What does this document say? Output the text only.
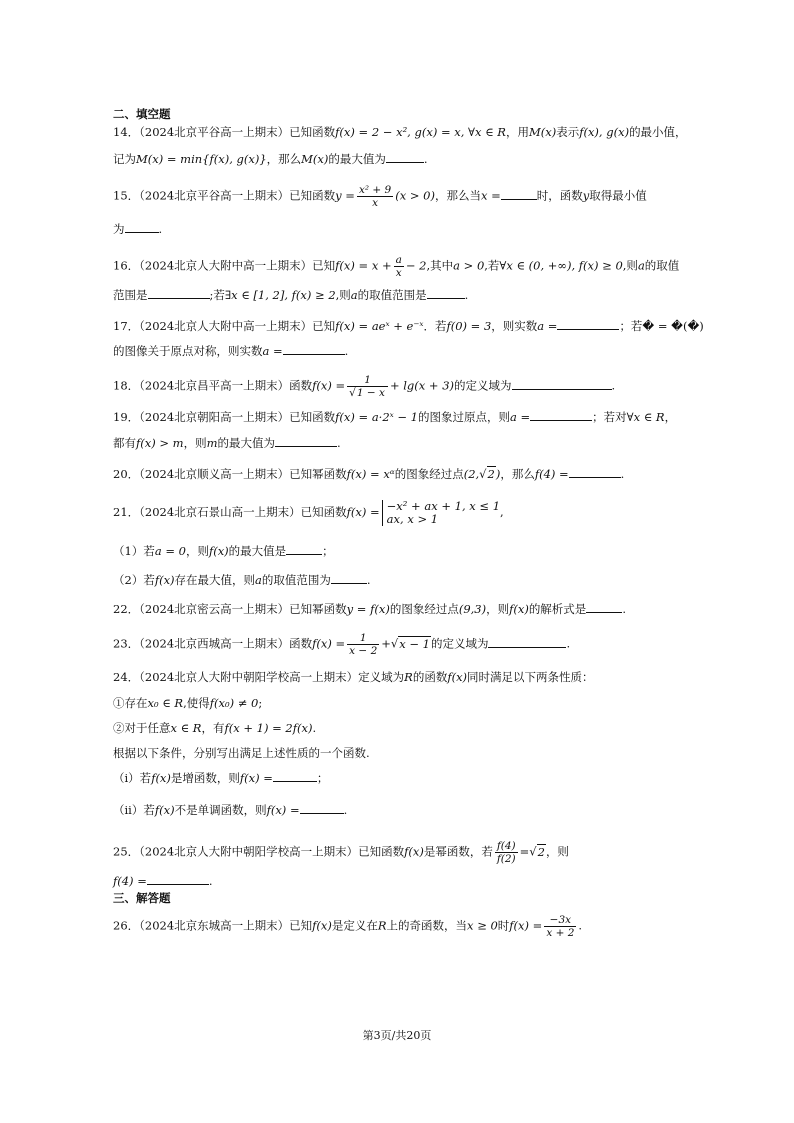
二、填空题
14．（2024北京平谷高一上期末）已知函数f(x) = 2 − x², g(x) = x, ∀x ∈ R，用M(x)表示f(x), g(x)的最小值，
记为M(x) = min{f(x), g(x)}，那么M(x)的最大值为	.
15．（2024北京平谷高一上期末）已知函数$y = \frac{\text{x² + 9}}{x} (x > 0)$，那么当x =	时，函数y取得最小值
为	.
16．（2024北京人大附中高一上期末）已知$f(x) = x + \frac{a}{x} - 2$,其中a > 0,若∀x ∈ (0, +∞), f(x) ≥ 0,则a的取值
范围是	;若∃x ∈ [1, 2], f(x) ≥ 2,则a的取值范围是	.
17．（2024北京人大附中高一上期末）已知f(x) = aeˣ + e⁻ˣ．若f(0) = 3，则实数a =	；若� = �(�)
的图像关于原点对称，则实数a =	.
18．（2024北京昌平高一上期末）函数$f(x) = \frac{1}{√1 - x} + \lg(x + 3)$的定义域为	.
19．（2024北京朝阳高一上期末）已知函数f(x) = a·2ˣ − 1的图象过原点，则a =	；若对∀x ∈ R，
都有f(x) > m，则m的最大值为	.
20．（2024北京顺义高一上期末）已知幂函数f(x) = xᵅ的图象经过点(2,√2)，那么f(4) =	.
21．（2024北京石景山高一上期末）已知函数f(x) = −x² + ax + 1, x ≤ 1
ax, x > 1	,
（1）若a = 0，则f(x)的最大值是	；
（2）若f(x)存在最大值，则a的取值范围为	.
22．（2024北京密云高一上期末）已知幂函数y = f(x)的图象经过点(9,3)，则f(x)的解析式是	.
23．（2024北京西城高一上期末）函数$f(x) = \frac{1}{x - 2} +√x - 1$的定义域为	.
24．（2024北京人大附中朝阳学校高一上期末）定义域为R的函数f(x)同时满足以下两条性质：
①存在x₀ ∈ R,使得f(x₀) ≠ 0;
②对于任意x ∈ R，有f(x + 1) = 2f(x).
根据以下条件，分别写出满足上述性质的一个函数.
（i）若f(x)是增函数，则f(x) =	；
（ii）若f(x)不是单调函数，则f(x) =	.
25．（2024北京人大附中朝阳学校高一上期末）已知函数f(x)是幂函数，若 $\frac{f(4)}{f(2)} =√2$，则
f(4) =	.
三、解答题
26．（2024北京东城高一上期末）已知f(x)是定义在R上的奇函数，当x ≥ 0时$f(x) = \frac{-3x}{x + 2}$ .
第3页/共20页
